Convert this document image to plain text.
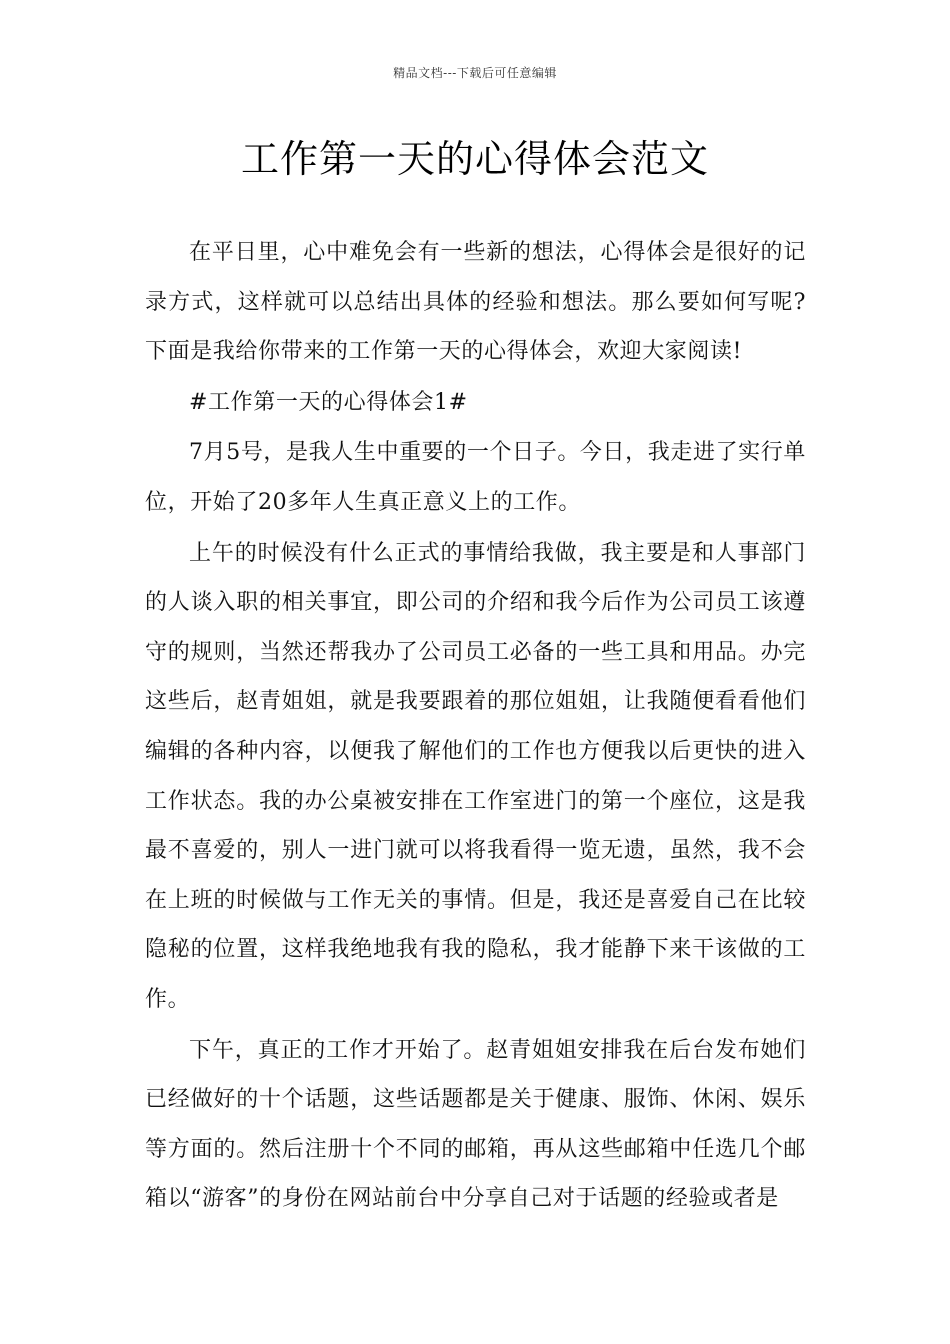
精品文档---下载后可任意编辑
工作第一天的心得体会范文

在平日里，心中难免会有一些新的想法，心得体会是很好的记录方式，这样就可以总结出具体的经验和想法。那么要如何写呢?下面是我给你带来的工作第一天的心得体会，欢迎大家阅读!

#工作第一天的心得体会1#

7月5号，是我人生中重要的一个日子。今日，我走进了实行单位，开始了20多年人生真正意义上的工作。

上午的时候没有什么正式的事情给我做，我主要是和人事部门的人谈入职的相关事宜，即公司的介绍和我今后作为公司员工该遵守的规则，当然还帮我办了公司员工必备的一些工具和用品。办完这些后，赵青姐姐，就是我要跟着的那位姐姐，让我随便看看他们编辑的各种内容，以便我了解他们的工作也方便我以后更快的进入工作状态。我的办公桌被安排在工作室进门的第一个座位，这是我最不喜爱的，别人一进门就可以将我看得一览无遗，虽然，我不会在上班的时候做与工作无关的事情。但是，我还是喜爱自己在比较隐秘的位置，这样我绝地我有我的隐私，我才能静下来干该做的工作。

下午，真正的工作才开始了。赵青姐姐安排我在后台发布她们已经做好的十个话题，这些话题都是关于健康、服饰、休闲、娱乐等方面的。然后注册十个不同的邮箱，再从这些邮箱中任选几个邮箱以“游客”的身份在网站前台中分享自己对于话题的经验或者是
